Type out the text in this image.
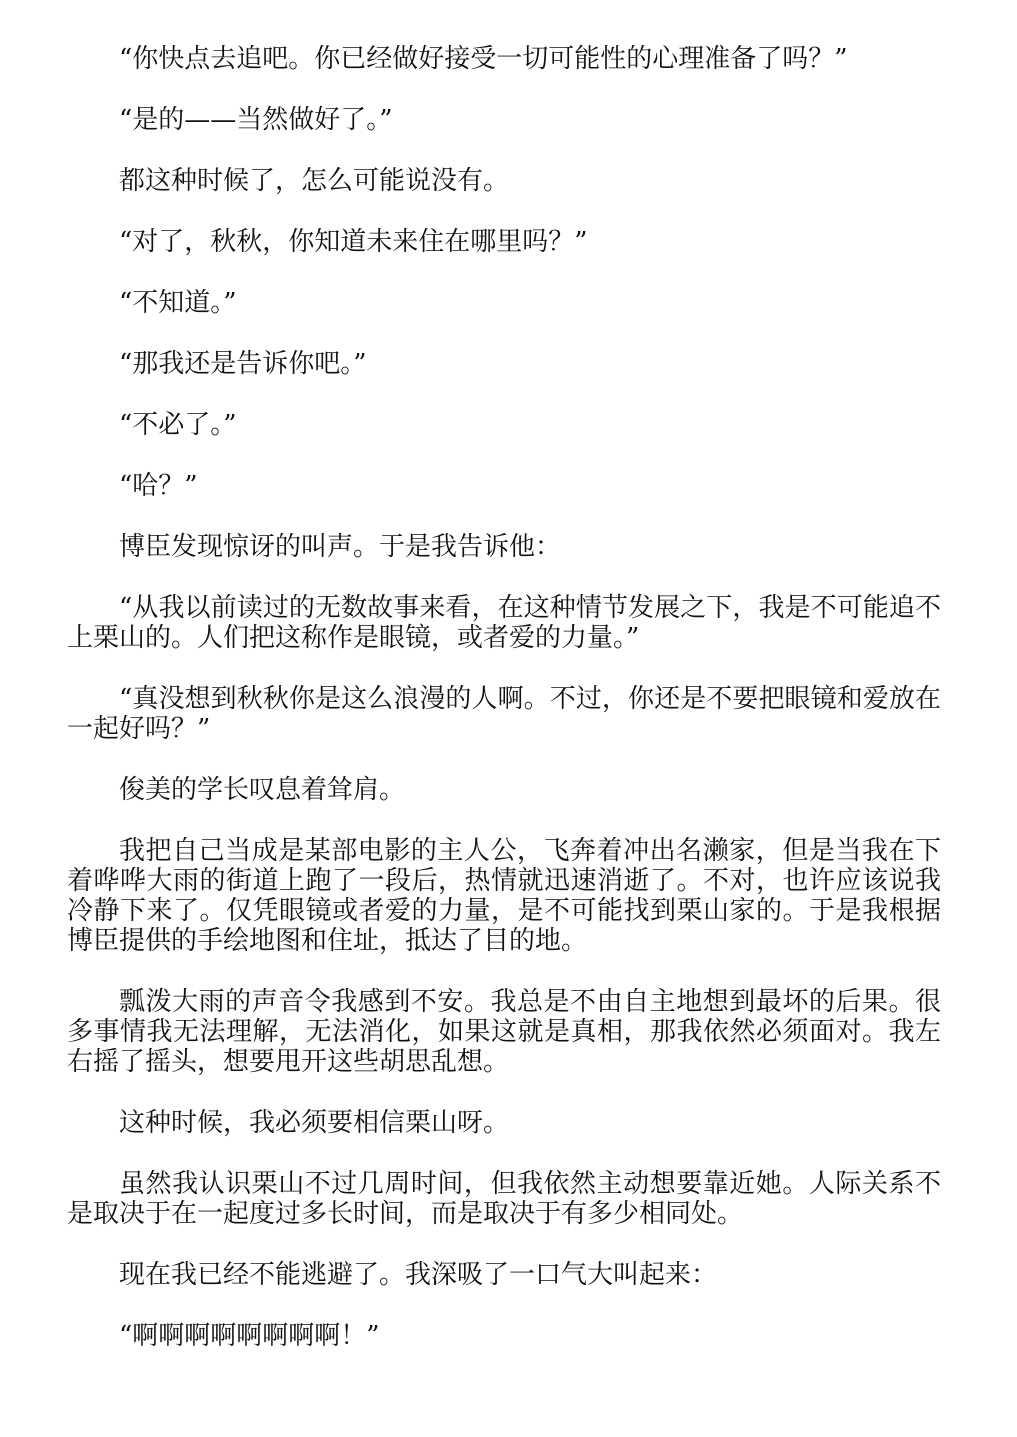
“你快点去追吧。你已经做好接受一切可能性的心理准备了吗？”

“是的——当然做好了。”

都这种时候了，怎么可能说没有。

“对了，秋秋，你知道未来住在哪里吗？”

“不知道。”

“那我还是告诉你吧。”

“不必了。”

“哈？”

博臣发现惊讶的叫声。于是我告诉他：

“从我以前读过的无数故事来看，在这种情节发展之下，我是不可能追不上栗山的。人们把这称作是眼镜，或者爱的力量。”

“真没想到秋秋你是这么浪漫的人啊。不过，你还是不要把眼镜和爱放在一起好吗？”

俊美的学长叹息着耸肩。

我把自己当成是某部电影的主人公，飞奔着冲出名濑家，但是当我在下着哗哗大雨的街道上跑了一段后，热情就迅速消逝了。不对，也许应该说我冷静下来了。仅凭眼镜或者爱的力量，是不可能找到栗山家的。于是我根据博臣提供的手绘地图和住址，抵达了目的地。

瓢泼大雨的声音令我感到不安。我总是不由自主地想到最坏的后果。很多事情我无法理解，无法消化，如果这就是真相，那我依然必须面对。我左右摇了摇头，想要甩开这些胡思乱想。

这种时候，我必须要相信栗山呀。

虽然我认识栗山不过几周时间，但我依然主动想要靠近她。人际关系不是取决于在一起度过多长时间，而是取决于有多少相同处。

现在我已经不能逃避了。我深吸了一口气大叫起来：

“啊啊啊啊啊啊啊啊！”
